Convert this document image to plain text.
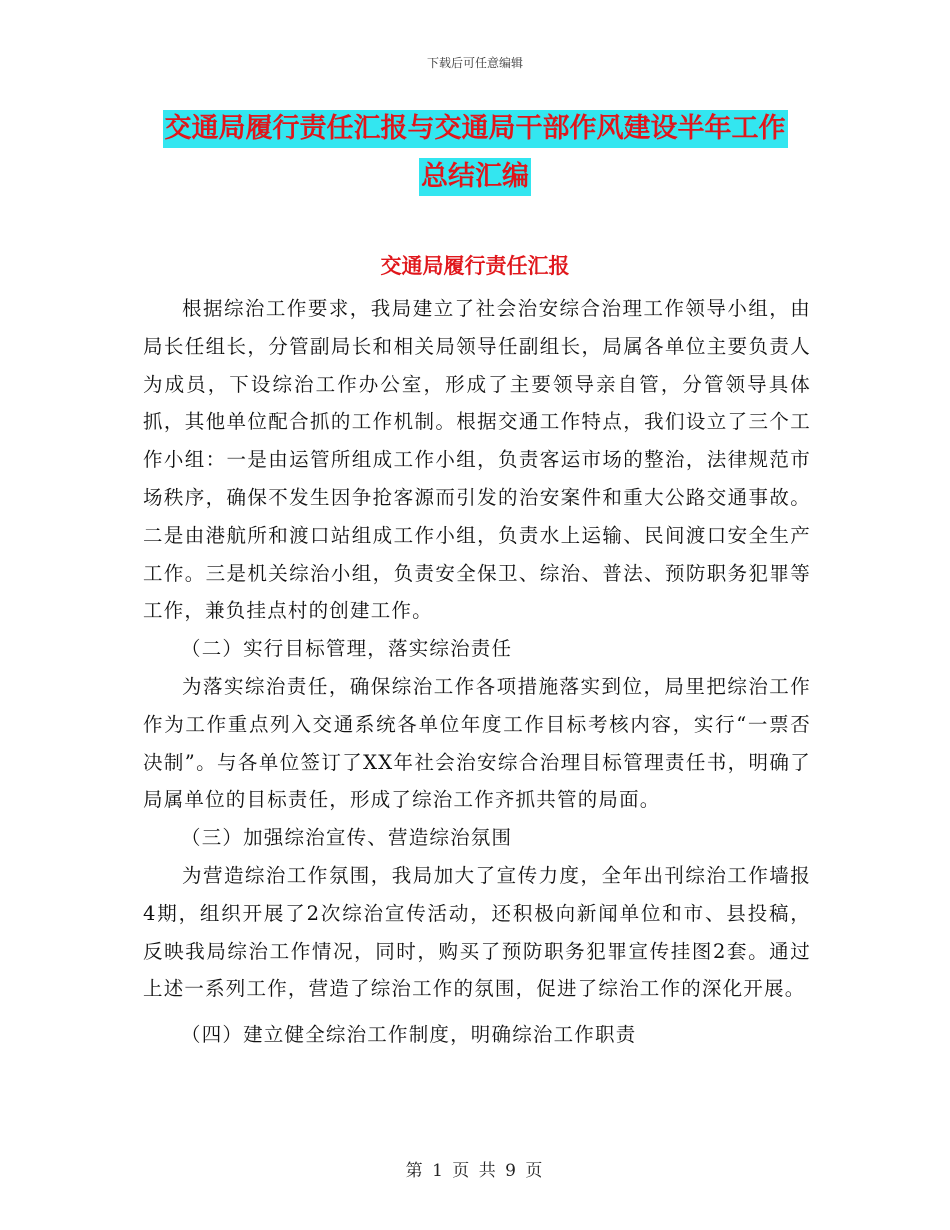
下载后可任意编辑
交通局履行责任汇报与交通局干部作风建设半年工作
总结汇编
交通局履行责任汇报

根据综治工作要求，我局建立了社会治安综合治理工作领导小组，由局长任组长，分管副局长和相关局领导任副组长，局属各单位主要负责人为成员，下设综治工作办公室，形成了主要领导亲自管，分管领导具体抓，其他单位配合抓的工作机制。根据交通工作特点，我们设立了三个工作小组：一是由运管所组成工作小组，负责客运市场的整治，法律规范市场秩序，确保不发生因争抢客源而引发的治安案件和重大公路交通事故。二是由港航所和渡口站组成工作小组，负责水上运输、民间渡口安全生产工作。三是机关综治小组，负责安全保卫、综治、普法、预防职务犯罪等工作，兼负挂点村的创建工作。

（二）实行目标管理，落实综治责任

为落实综治责任，确保综治工作各项措施落实到位，局里把综治工作作为工作重点列入交通系统各单位年度工作目标考核内容，实行“一票否决制”。与各单位签订了XX年社会治安综合治理目标管理责任书，明确了局属单位的目标责任，形成了综治工作齐抓共管的局面。

（三）加强综治宣传、营造综治氛围

为营造综治工作氛围，我局加大了宣传力度，全年出刊综治工作墙报4期，组织开展了2次综治宣传活动，还积极向新闻单位和市、县投稿，反映我局综治工作情况，同时，购买了预防职务犯罪宣传挂图2套。通过上述一系列工作，营造了综治工作的氛围，促进了综治工作的深化开展。

（四）建立健全综治工作制度，明确综治工作职责

第 1 页 共 9 页
